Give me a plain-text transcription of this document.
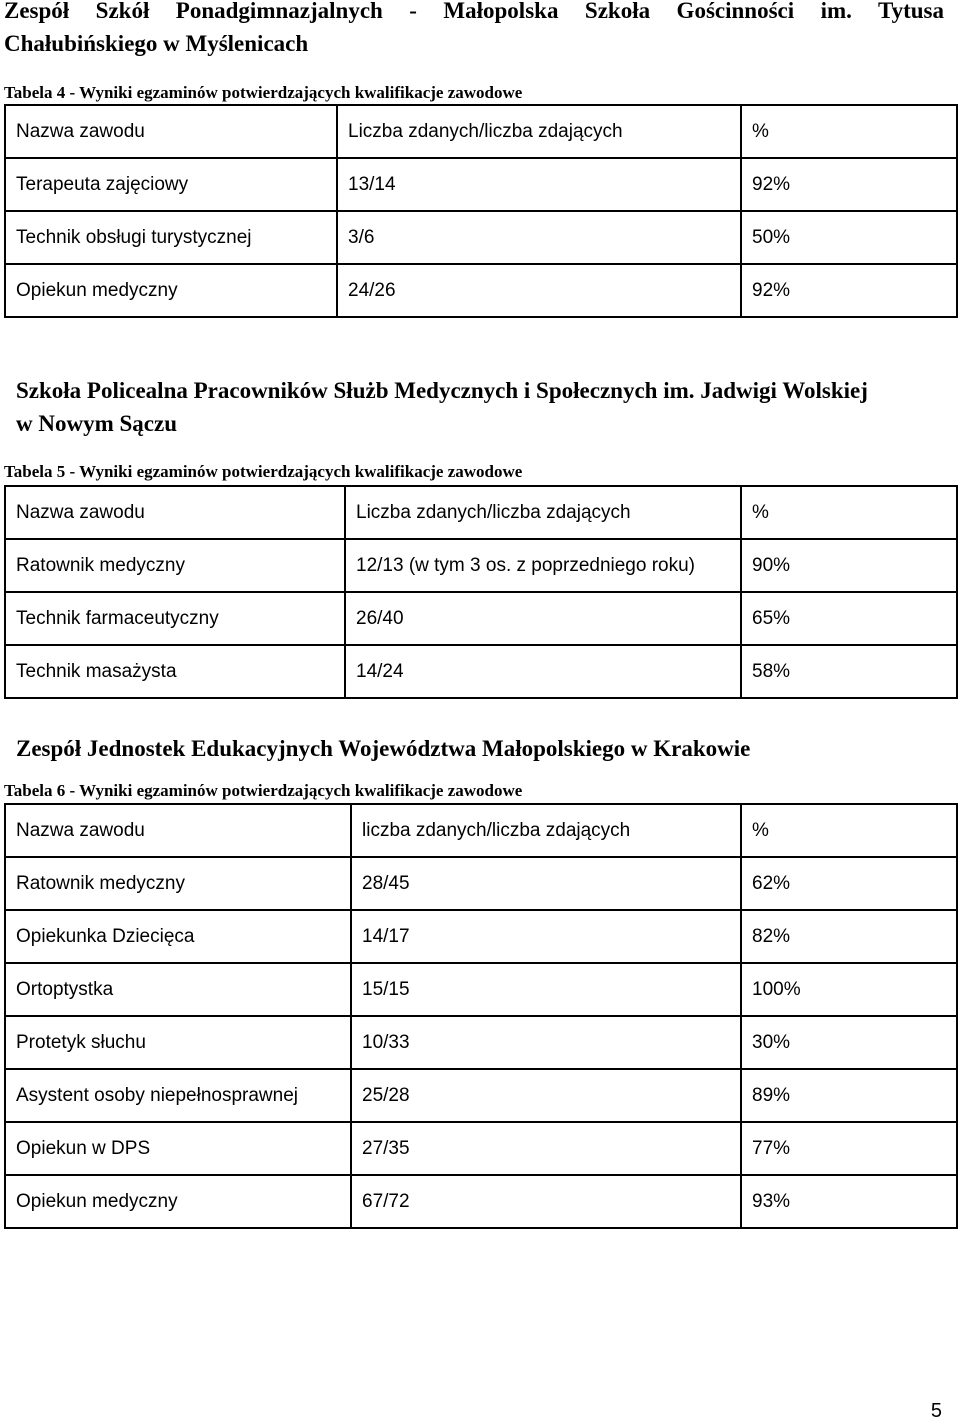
Zespół Szkół Ponadgimnazjalnych - Małopolska Szkoła Gościnności im. Tytusa
Chałubińskiego w Myślenicach
Tabela 4 - Wyniki egzaminów potwierdzających kwalifikacje zawodowe
Nazwa zawodu	Liczba zdanych/liczba zdających	%
Terapeuta zajęciowy	13/14	92%
Technik obsługi turystycznej	3/6	50%
Opiekun medyczny	24/26	92%
Szkoła Policealna Pracowników Służb Medycznych i Społecznych im. Jadwigi Wolskiej
w Nowym Sączu
Tabela 5 - Wyniki egzaminów potwierdzających kwalifikacje zawodowe
Nazwa zawodu	Liczba zdanych/liczba zdających	%
Ratownik medyczny	12/13 (w tym 3 os. z poprzedniego roku)	90%
Technik farmaceutyczny	26/40	65%
Technik masażysta	14/24	58%
Zespół Jednostek Edukacyjnych Województwa Małopolskiego w Krakowie
Tabela 6 - Wyniki egzaminów potwierdzających kwalifikacje zawodowe
Nazwa zawodu	liczba zdanych/liczba zdających	%
Ratownik medyczny	28/45	62%
Opiekunka Dziecięca	14/17	82%
Ortoptystka	15/15	100%
Protetyk słuchu	10/33	30%
Asystent osoby niepełnosprawnej	25/28	89%
Opiekun w DPS	27/35	77%
Opiekun medyczny	67/72	93%
5
